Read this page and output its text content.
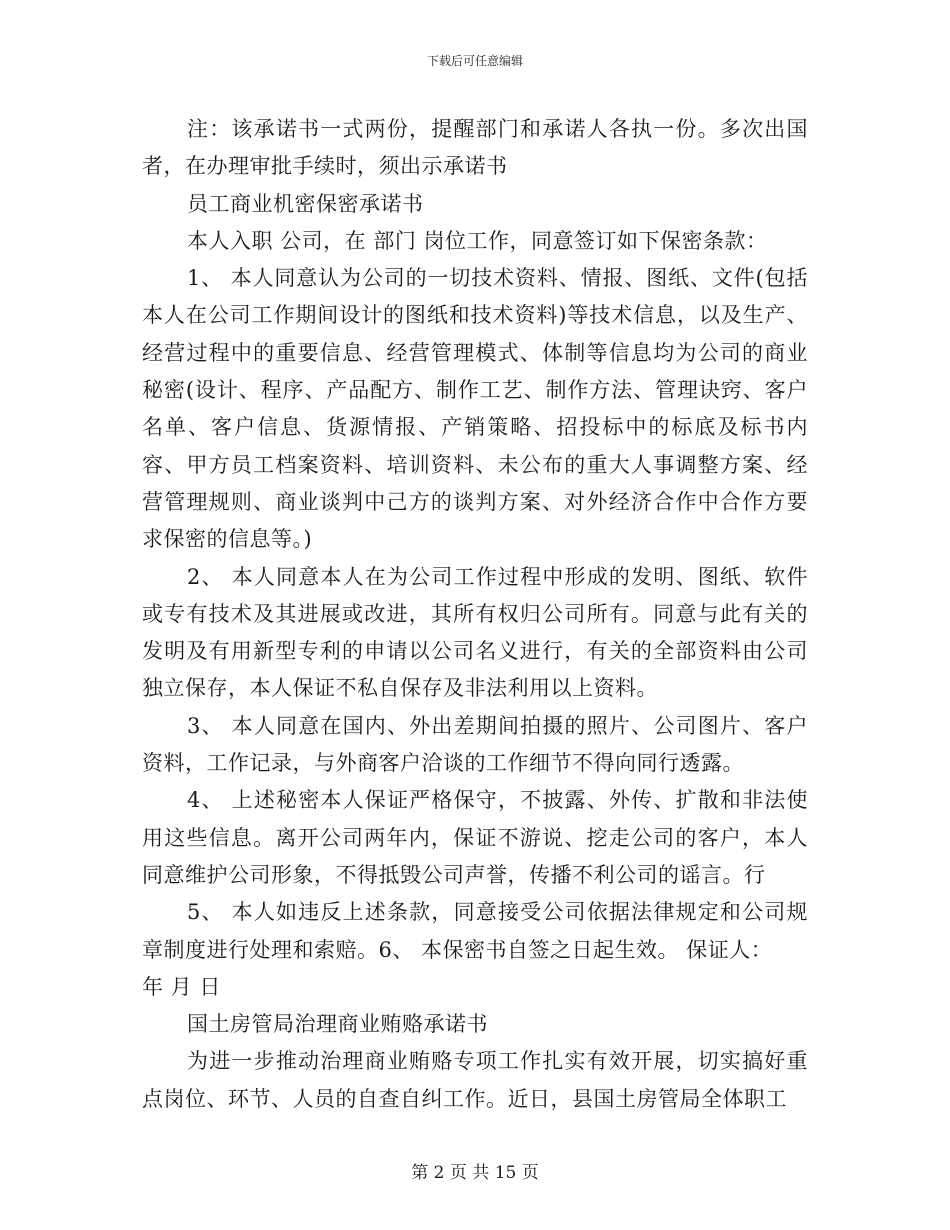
下载后可任意编辑

注：该承诺书一式两份，提醒部门和承诺人各执一份。多次出国者，在办理审批手续时，须出示承诺书

员工商业机密保密承诺书

本人入职 公司，在 部门 岗位工作，同意签订如下保密条款：

1、 本人同意认为公司的一切技术资料、情报、图纸、文件(包括本人在公司工作期间设计的图纸和技术资料)等技术信息，以及生产、经营过程中的重要信息、经营管理模式、体制等信息均为公司的商业秘密(设计、程序、产品配方、制作工艺、制作方法、管理诀窍、客户名单、客户信息、货源情报、产销策略、招投标中的标底及标书内容、甲方员工档案资料、培训资料、未公布的重大人事调整方案、经营管理规则、商业谈判中己方的谈判方案、对外经济合作中合作方要求保密的信息等。)

2、 本人同意本人在为公司工作过程中形成的发明、图纸、软件或专有技术及其进展或改进，其所有权归公司所有。同意与此有关的发明及有用新型专利的申请以公司名义进行，有关的全部资料由公司独立保存，本人保证不私自保存及非法利用以上资料。

3、 本人同意在国内、外出差期间拍摄的照片、公司图片、客户资料，工作记录，与外商客户洽谈的工作细节不得向同行透露。

4、 上述秘密本人保证严格保守，不披露、外传、扩散和非法使用这些信息。离开公司两年内，保证不游说、挖走公司的客户，本人同意维护公司形象，不得抵毁公司声誉，传播不利公司的谣言。行

5、 本人如违反上述条款，同意接受公司依据法律规定和公司规章制度进行处理和索赔。6、 本保密书自签之日起生效。 保证人：

年 月 日

国土房管局治理商业贿赂承诺书

为进一步推动治理商业贿赂专项工作扎实有效开展，切实搞好重点岗位、环节、人员的自查自纠工作。近日，县国土房管局全体职工

第 2 页 共 15 页
